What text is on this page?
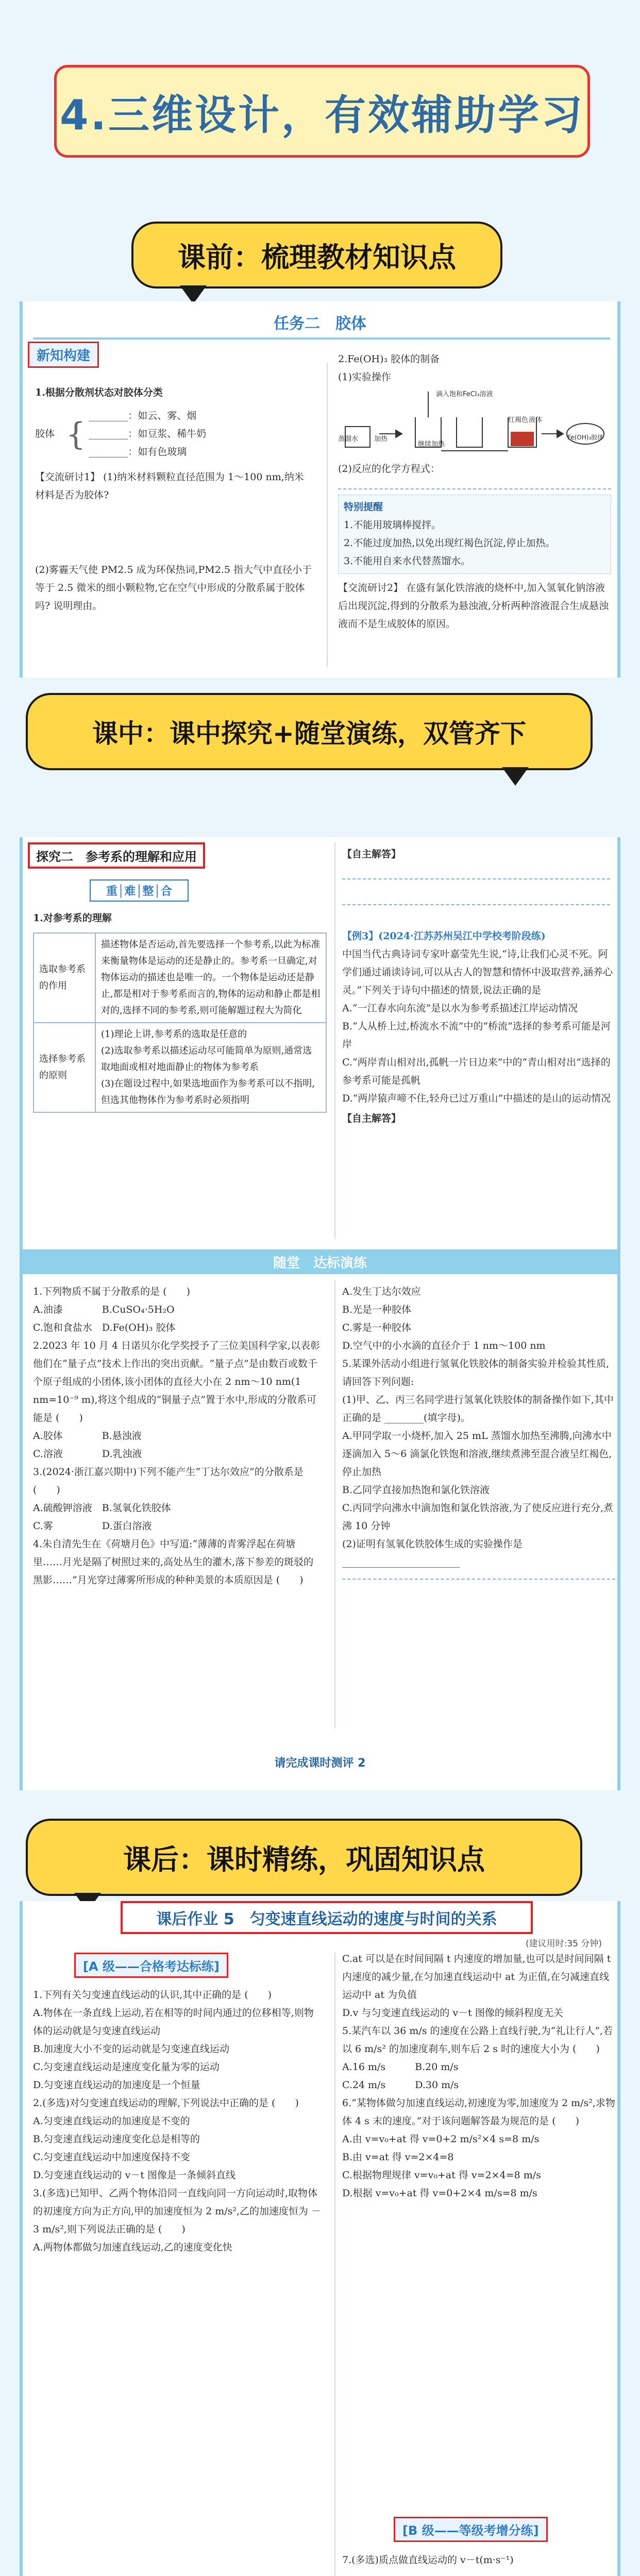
4.三维设计，有效辅助学习
课前：梳理教材知识点
任务二　胶体
新知构建
1.根据分散剂状态对胶体分类
胶体 {
________：如云、雾、烟
________：如豆浆、稀牛奶
________：如有色玻璃
【交流研讨1】 (1)纳米材料颗粒直径范围为 1～100 nm,纳米材料是否为胶体?
(2)雾霾天气使 PM2.5 成为环保热词,PM2.5 指大气中直径小于等于 2.5 微米的细小颗粒物,它在空气中形成的分散系属于胶体吗? 说明理由。
2.Fe(OH)₃ 胶体的制备
(1)实验操作
滴入饱和FeCl₃溶液
继续加热
Fe(OH)₃胶体
红褐色 液体
蒸馏水 加热
(2)反应的化学方程式：
特别提醒
1.不能用玻璃棒搅拌。
2.不能过度加热,以免出现红褐色沉淀,停止加热。
3.不能用自来水代替蒸馏水。
【交流研讨2】 在盛有氯化铁溶液的烧杯中,加入氢氧化钠溶液后出现沉淀,得到的分散系为悬浊液,分析两种溶液混合生成悬浊液而不是生成胶体的原因。
课中：课中探究+随堂演练，双管齐下
探究二　参考系的理解和应用
重│难│整│合
【自主解答】
1.对参考系的理解
选取参考系的作用	描述物体是否运动,首先要选择一个参考系,以此为标准来衡量物体是运动的还是静止的。参考系一旦确定,对物体运动的描述也是唯一的。一个物体是运动还是静止,都是相对于参考系而言的,物体的运动和静止都是相对的,选择不同的参考系,则可能解题过程大为简化
选择参考系的原则	(1)理论上讲,参考系的选取是任意的
(2)选取参考系以描述运动尽可能简单为原则,通常选取地面或相对地面静止的物体为参考系
(3)在题设过程中,如果选地面作为参考系可以不指明,但选其他物体作为参考系时必须指明
【例3】(2024·江苏苏州吴江中学校考阶段练)
中国当代古典诗词专家叶嘉莹先生说,“诗,让我们心灵不死。阿学们通过诵读诗词,可以从古人的智慧和情怀中汲取营养,涵养心灵。”下列关于诗句中描述的情景,说法正确的是
A.“一江春水向东流”是以水为参考系描述江岸运动情况
B.“人从桥上过,桥流水不流”中的“桥流”选择的参考系可能是河岸
C.“两岸青山相对出,孤帆一片日边来”中的“青山相对出”选择的参考系可能是孤帆
D.“两岸猿声啼不住,轻舟已过万重山”中描述的是山的运动情况
【自主解答】
随堂　达标演练
1.下列物质不属于分散系的是 (　　)
A.油漆　　　　B.CuSO₄·5H₂O
C.饱和食盐水　D.Fe(OH)₃ 胶体
2.2023 年 10 月 4 日诺贝尔化学奖授予了三位美国科学家,以表彰他们在“量子点”技术上作出的突出贡献。“量子点”是由数百或数千个原子组成的小团体,该小团体的直径大小在 2 nm～10 nm(1 nm=10⁻⁹ m),将这个组成的“铜量子点”置于水中,形成的分散系可能是 (　　)
A.胶体　　　　B.悬浊液
C.溶液　　　　D.乳浊液
3.(2024·浙江嘉兴期中)下列不能产生“丁达尔效应”的分散系是 (　　)
A.硫酸钾溶液　B.氢氧化铁胶体
C.雾　　　　　D.蛋白溶液
4.朱自清先生在《荷塘月色》中写道:“薄薄的青雾浮起在荷塘里……月光是隔了树照过来的,高处丛生的灌木,落下参差的斑驳的黑影……”月光穿过薄雾所形成的种种美景的本质原因是 (　　)
A.发生丁达尔效应
B.光是一种胶体
C.雾是一种胶体
D.空气中的小水滴的直径介于 1 nm～100 nm
5.某课外活动小组进行氢氧化铁胶体的制备实验并检验其性质,请回答下列问题:
(1)甲、乙、丙三名同学进行氢氧化铁胶体的制备操作如下,其中正确的是 ________(填字母)。
A.甲同学取一小烧杯,加入 25 mL 蒸馏水加热至沸腾,向沸水中逐滴加入 5～6 滴氯化铁饱和溶液,继续煮沸至混合液呈红褐色,停止加热
B.乙同学直接加热饱和氯化铁溶液
C.丙同学向沸水中滴加饱和氯化铁溶液,为了使反应进行充分,煮沸 10 分钟
(2)证明有氢氧化铁胶体生成的实验操作是 ________________________
请完成课时测评 2
课后：课时精练，巩固知识点
课后作业 5　匀变速直线运动的速度与时间的关系
(建议用时:35 分钟)
[A 级——合格考达标练]
1.下列有关匀变速直线运动的认识,其中正确的是 (　　)
A.物体在一条直线上运动,若在相等的时间内通过的位移相等,则物体的运动就是匀变速直线运动
B.加速度大小不变的运动就是匀变速直线运动
C.匀变速直线运动是速度变化量为零的运动
D.匀变速直线运动的加速度是一个恒量
2.(多选)对匀变速直线运动的理解,下列说法中正确的是 (　　)
A.匀变速直线运动的加速度是不变的
B.匀变速直线运动速度变化总是相等的
C.匀变速直线运动中加速度保持不变
D.匀变速直线运动的 v－t 图像是一条倾斜直线
3.(多选)已知甲、乙两个物体沿同一直线向同一方向运动时,取物体的初速度方向为正方向,甲的加速度恒为 2 m/s²,乙的加速度恒为 －3 m/s²,则下列说法正确的是 (　　)
A.两物体都做匀加速直线运动,乙的速度变化快
C.at 可以是在时间间隔 t 内速度的增加量,也可以是时间间隔 t 内速度的减少量,在匀加速直线运动中 at 为正值,在匀减速直线运动中 at 为负值
D.v 与匀变速直线运动的 v－t 图像的倾斜程度无关
5.某汽车以 36 m/s 的速度在公路上直线行驶,为“礼让行人”,若以 6 m/s² 的加速度刹车,则车后 2 s 时的速度大小为 (　　)
A.16 m/s　　　B.20 m/s
C.24 m/s　　　D.30 m/s
6.“某物体做匀加速直线运动,初速度为零,加速度为 2 m/s²,求物体 4 s 末的速度。”对于该问题解答最为规范的是 (　　)
A.由 v=v₀+at 得 v=0+2 m/s²×4 s=8 m/s
B.由 v=at 得 v=2×4=8
C.根据物理规律 v=v₀+at 得 v=2×4=8 m/s
D.根据 v=v₀+at 得 v=0+2×4 m/s=8 m/s
[B 级——等级考增分练]
7.(多选)质点做直线运动的 v－t(m·s⁻¹)
